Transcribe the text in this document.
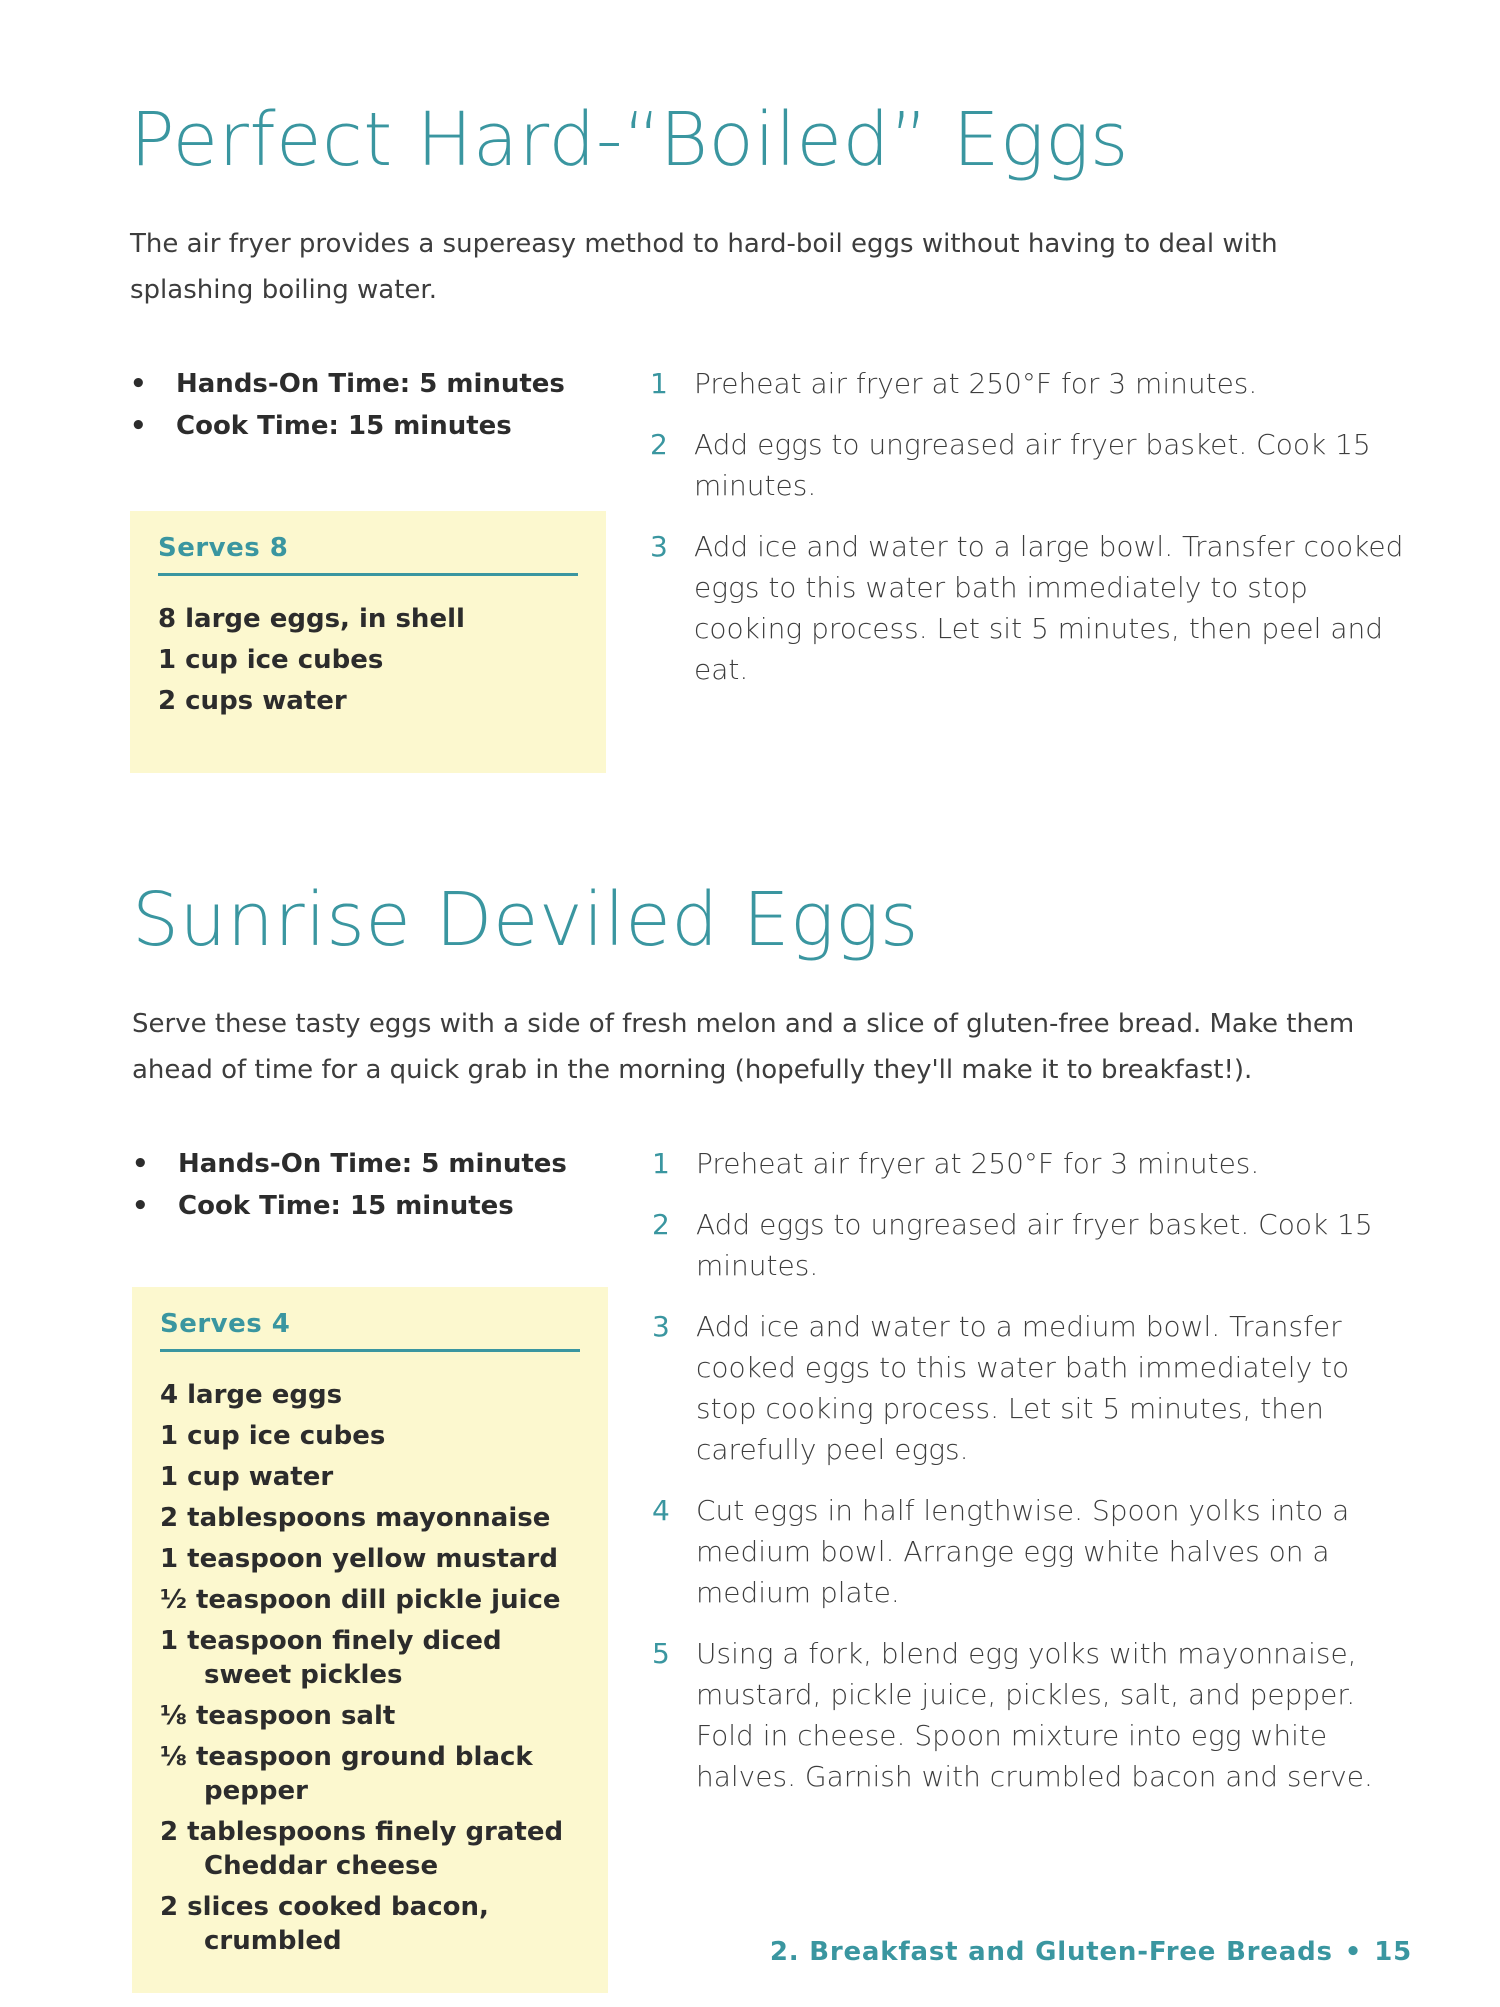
Perfect Hard-“Boiled” Eggs

The air fryer provides a supereasy method to hard-boil eggs without having to deal with splashing boiling water.

• Hands-On Time: 5 minutes
• Cook Time: 15 minutes
Serves 8
8 large eggs, in shell
1 cup ice cubes
2 cups water
1 Preheat air fryer at 250°F for 3 minutes.
2 Add eggs to ungreased air fryer basket. Cook 15 minutes.
3 Add ice and water to a large bowl. Transfer cooked eggs to this water bath immediately to stop cooking process. Let sit 5 minutes, then peel and eat.
Sunrise Deviled Eggs

Serve these tasty eggs with a side of fresh melon and a slice of gluten-free bread. Make them ahead of time for a quick grab in the morning (hopefully they'll make it to breakfast!).

• Hands-On Time: 5 minutes
• Cook Time: 15 minutes
Serves 4
4 large eggs
1 cup ice cubes
1 cup water
2 tablespoons mayonnaise
1 teaspoon yellow mustard
½ teaspoon dill pickle juice
1 teaspoon finely diced sweet pickles
⅛ teaspoon salt
⅛ teaspoon ground black pepper
2 tablespoons finely grated Cheddar cheese
2 slices cooked bacon, crumbled
1 Preheat air fryer at 250°F for 3 minutes.
2 Add eggs to ungreased air fryer basket. Cook 15 minutes.
3 Add ice and water to a medium bowl. Transfer cooked eggs to this water bath immediately to stop cooking process. Let sit 5 minutes, then carefully peel eggs.
4 Cut eggs in half lengthwise. Spoon yolks into a medium bowl. Arrange egg white halves on a medium plate.
5 Using a fork, blend egg yolks with mayonnaise, mustard, pickle juice, pickles, salt, and pepper. Fold in cheese. Spoon mixture into egg white halves. Garnish with crumbled bacon and serve.
2. Breakfast and Gluten-Free Breads • 15
